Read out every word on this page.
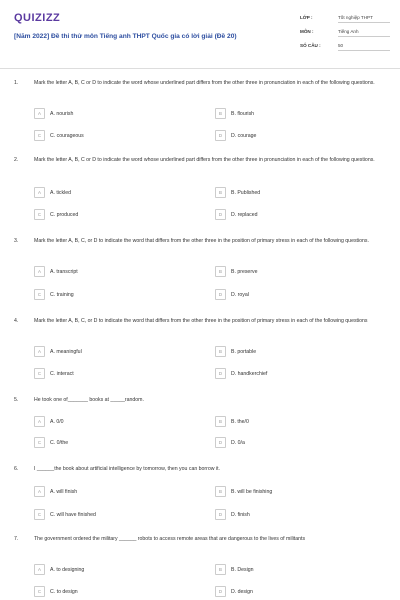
QUIZIZZ
[Năm 2022] Đề thi thử môn Tiếng anh THPT Quốc gia có lời giải (Đề 20)
LỚP :	Tốt nghiệp THPT
MÔN :	Tiếng Anh
SỐ CÂU :	50
1.	Mark the letter A, B, C or D to indicate the word whose underlined part differs from the other three in pronunciation in each of the following questions.
A	A. nourish	B	B. flourish
C	C. courageous	D	D. courage
2.	Mark the letter A, B, C or D to indicate the word whose underlined part differs from the other three in pronunciation in each of the following questions.
A	A. tickled	B	B. Published
C	C. produced	D	D. replaced
3.	Mark the letter A, B, C, or D to indicate the word that differs from the other three in the position of primary stress in each of the following questions.
A	A. transcript	B	B. preserve
C	C. training	D	D. royal
4.	Mark the letter A, B, C, or D to indicate the word that differs from the other three in the position of primary stress in each of the following questions
A	A. meaningful	B	B. portable
C	C. interact	D	D. handkerchief
5.	He took one of_______ books at _____random.
A	A. 0/0	B	B. the/0
C	C. 0/the	D	D. 0/a
6.	I ______the book about artificial intelligence by tomorrow, then you can borrow it.
A	A. will finish	B	B. will be finishing
C	C. will have finished	D	D. finish
7.	The government ordered the military ______ robots to access remote areas that are dangerous to the lives of militants
A	A. to designing	B	B. Design
C	C. to design	D	D. design
